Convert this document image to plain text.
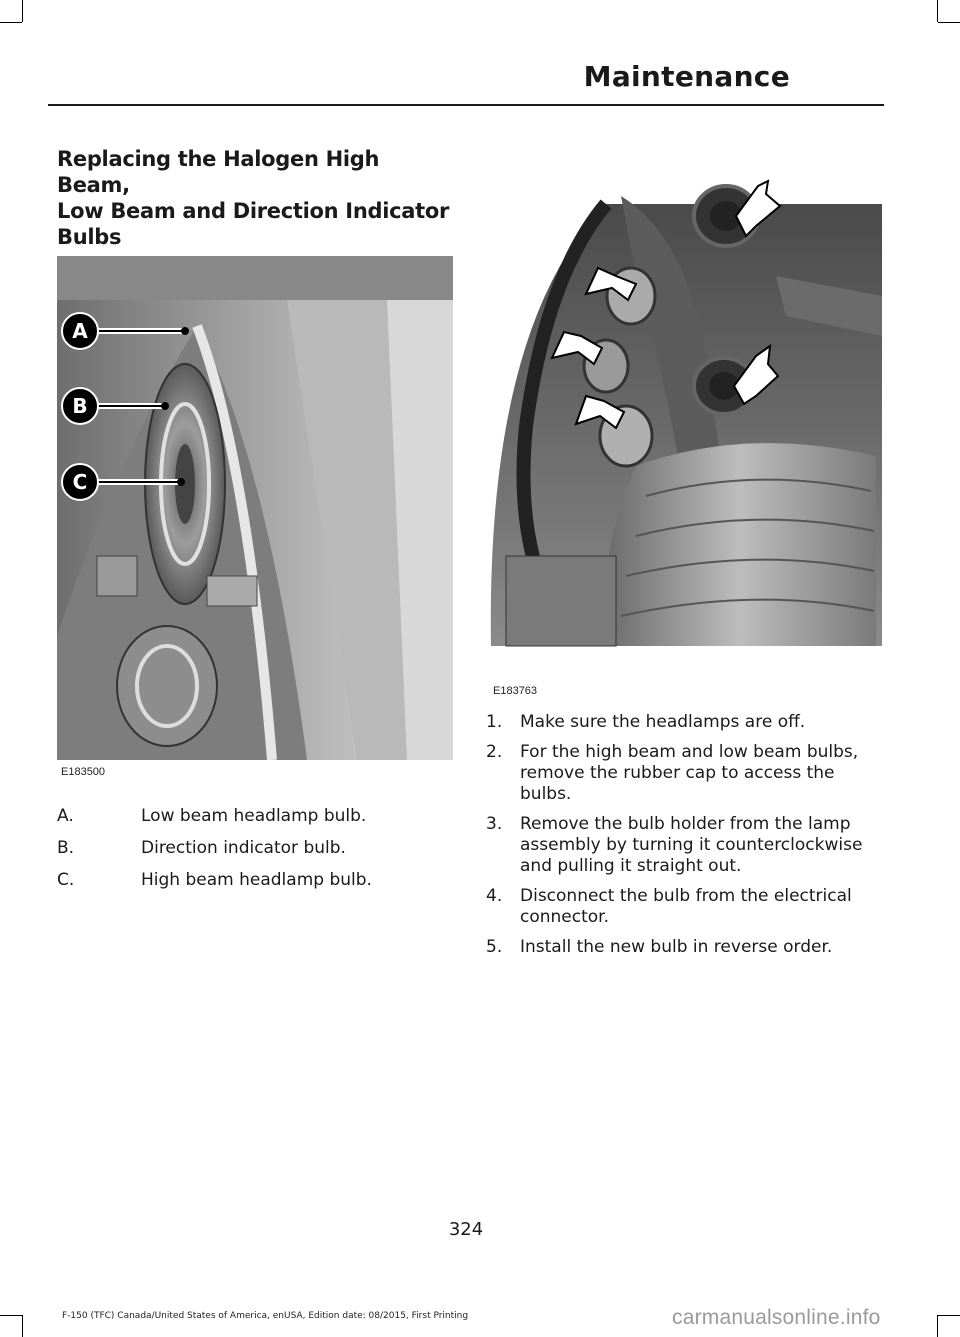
Maintenance
Replacing the Halogen High Beam,
Low Beam and Direction Indicator
Bulbs
A
B
C
E183500
A.	Low beam headlamp bulb.
B.	Direction indicator bulb.
C.	High beam headlamp bulb.
E183763
1.	Make sure the headlamps are off.
2.	For the high beam and low beam bulbs, remove the rubber cap to access the bulbs.
3.	Remove the bulb holder from the lamp assembly by turning it counterclockwise and pulling it straight out.
4.	Disconnect the bulb from the electrical connector.
5.	Install the new bulb in reverse order.
324
F-150 (TFC) Canada/United States of America, enUSA, Edition date: 08/2015, First Printing	carmanualsonline.info
